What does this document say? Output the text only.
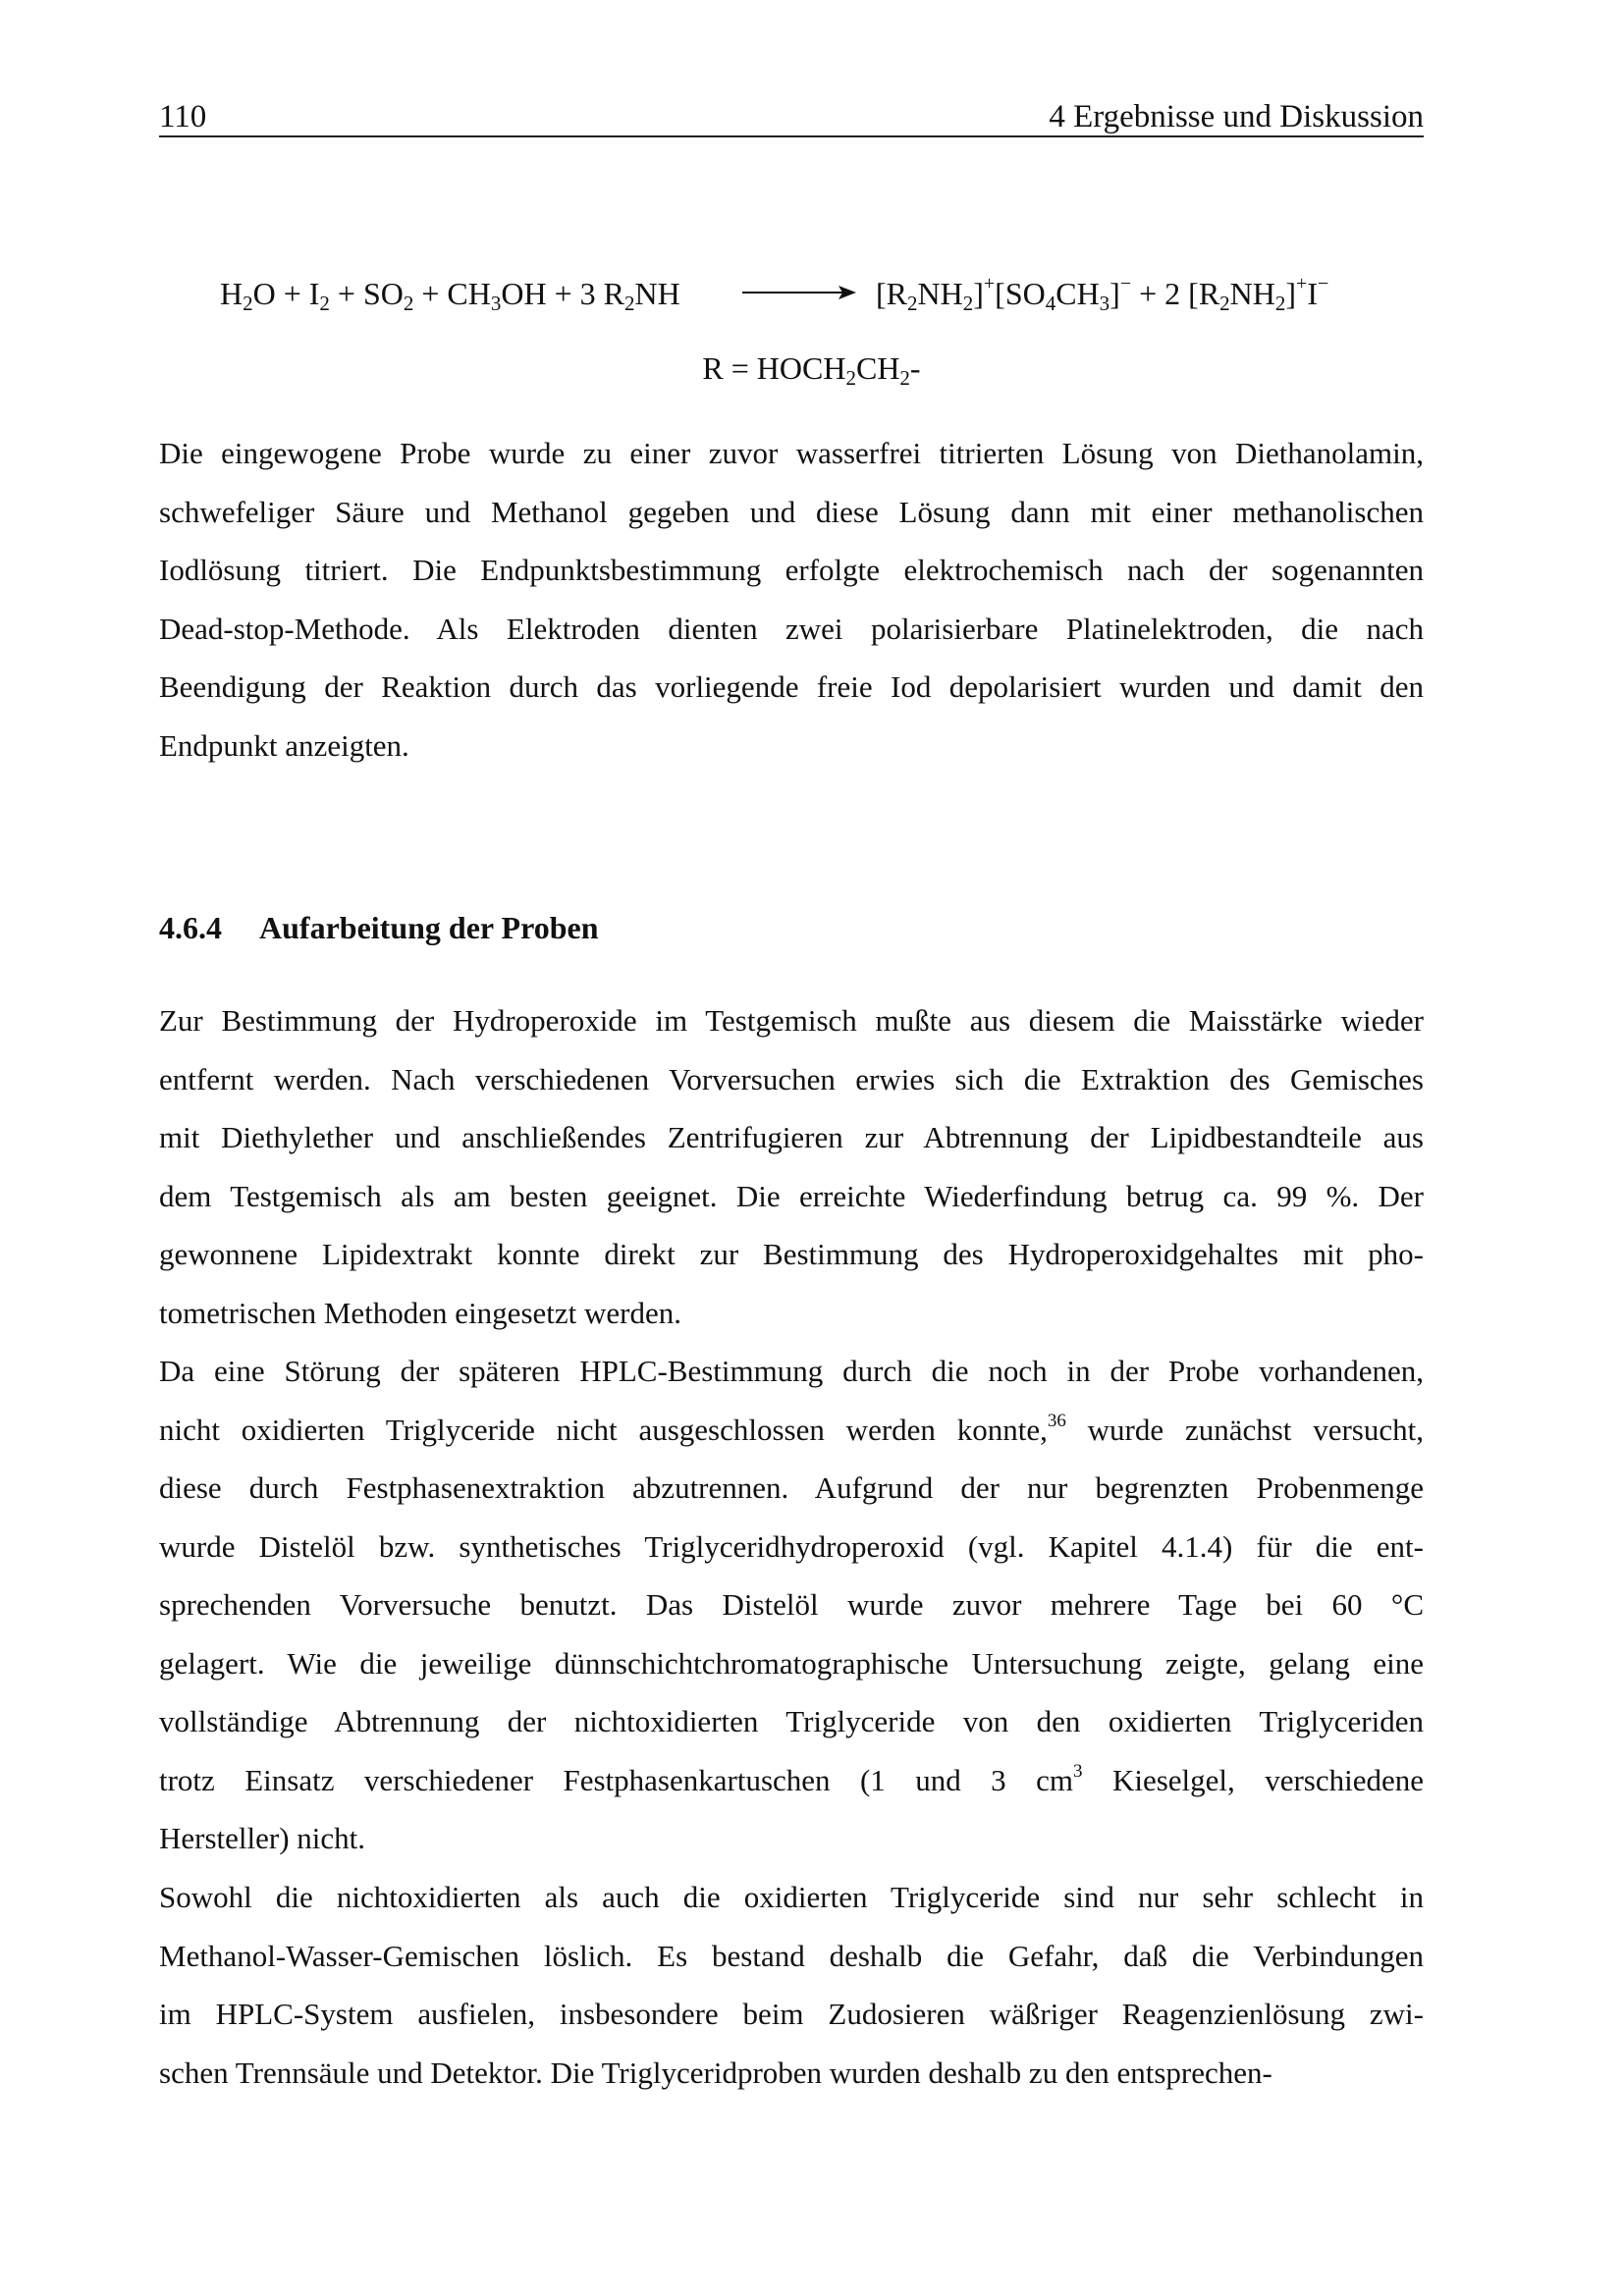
110	4 Ergebnisse und Diskussion
$H_2O + I_2 + SO_2 + CH_3OH + 3$ $R_2NH \to [R_2NH_2]^+[SO_4CH_3]^- + 2$ $[R_2NH_2]^+I^-$
$R = HOCH_2CH_2-$
Die eingewogene Probe wurde zu einer zuvor wasserfrei titrierten Lösung von Diethanolamin,
schwefeliger Säure und Methanol gegeben und diese Lösung dann mit einer methanolischen
Iodlösung titriert. Die Endpunktsbestimmung erfolgte elektrochemisch nach der sogenannten
Dead-stop-Methode. Als Elektroden dienten zwei polarisierbare Platinelektroden, die nach
Beendigung der Reaktion durch das vorliegende freie Iod depolarisiert wurden und damit den
Endpunkt anzeigten.
4.6.4 Aufarbeitung der Proben
Zur Bestimmung der Hydroperoxide im Testgemisch mußte aus diesem die Maisstärke wieder
entfernt werden. Nach verschiedenen Vorversuchen erwies sich die Extraktion des Gemisches
mit Diethylether und anschließendes Zentrifugieren zur Abtrennung der Lipidbestandteile aus
dem Testgemisch als am besten geeignet. Die erreichte Wiederfindung betrug ca. 99 %. Der
gewonnene Lipidextrakt konnte direkt zur Bestimmung des Hydroperoxidgehaltes mit pho-
tometrischen Methoden eingesetzt werden.
Da eine Störung der späteren HPLC-Bestimmung durch die noch in der Probe vorhandenen,
nicht oxidierten Triglyceride nicht ausgeschlossen werden konnte,$^{36}$ wurde zunächst versucht,
diese durch Festphasenextraktion abzutrennen. Aufgrund der nur begrenzten Probenmenge
wurde Distelöl bzw. synthetisches Triglyceridhydroperoxid (vgl. Kapitel 4.1.4) für die ent-
sprechenden Vorversuche benutzt. Das Distelöl wurde zuvor mehrere Tage bei 60 °C
gelagert. Wie die jeweilige dünnschichtchromatographische Untersuchung zeigte, gelang eine
vollständige Abtrennung der nichtoxidierten Triglyceride von den oxidierten Triglyceriden
trotz Einsatz verschiedener Festphasenkartuschen (1 und 3 $cm^3$ Kieselgel, verschiedene
Hersteller) nicht.
Sowohl die nichtoxidierten als auch die oxidierten Triglyceride sind nur sehr schlecht in
Methanol-Wasser-Gemischen löslich. Es bestand deshalb die Gefahr, daß die Verbindungen
im HPLC-System ausfielen, insbesondere beim Zudosieren wäßriger Reagenzienlösung zwi-
schen Trennsäule und Detektor. Die Triglyceridproben wurden deshalb zu den entsprechen-
